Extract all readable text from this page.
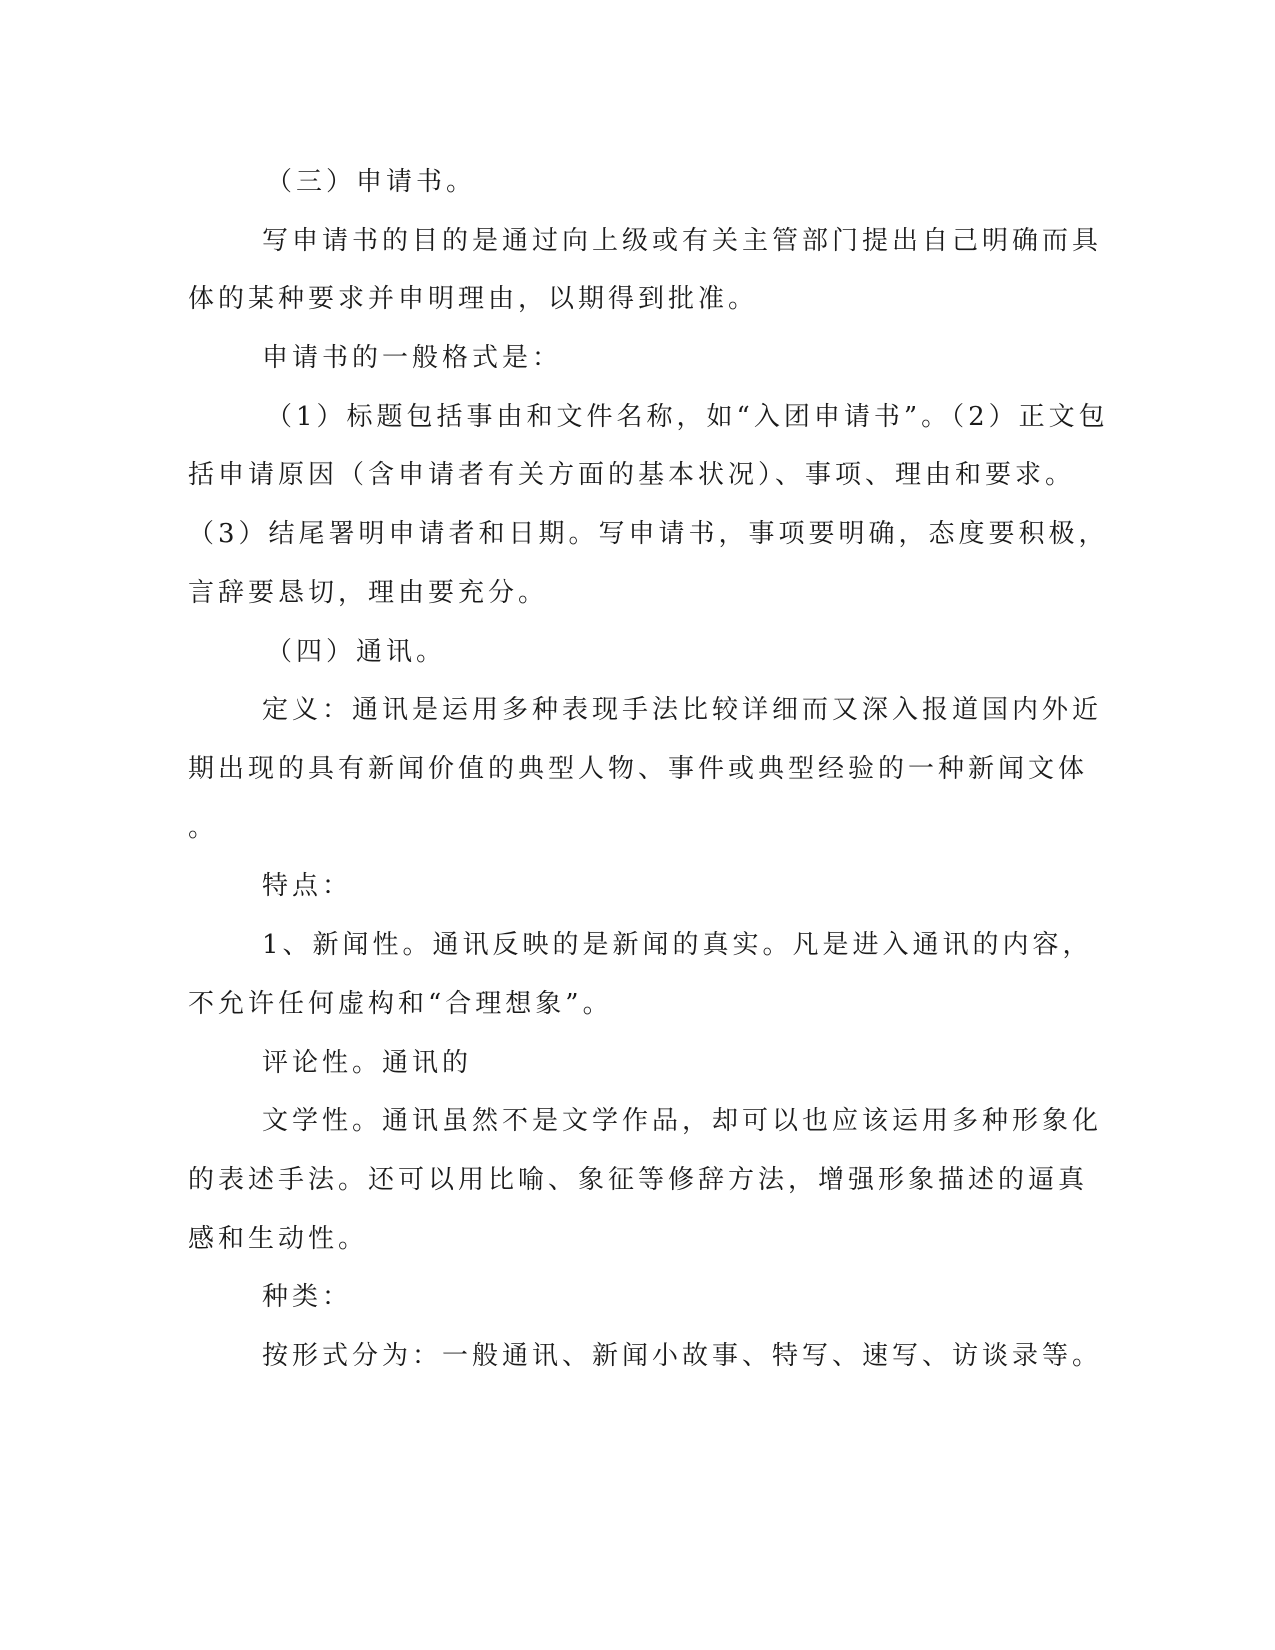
（三）申请书。
写申请书的目的是通过向上级或有关主管部门提出自己明确而具
体的某种要求并申明理由，以期得到批准。
申请书的一般格式是：
（1）标题包括事由和文件名称，如“入团申请书”。（2）正文包
括申请原因（含申请者有关方面的基本状况）、事项、理由和要求。
（3）结尾署明申请者和日期。写申请书，事项要明确，态度要积极，
言辞要恳切，理由要充分。
（四）通讯。
定义：通讯是运用多种表现手法比较详细而又深入报道国内外近
期出现的具有新闻价值的典型人物、事件或典型经验的一种新闻文体
。
特点：
1、新闻性。通讯反映的是新闻的真实。凡是进入通讯的内容，
不允许任何虚构和“合理想象”。
评论性。通讯的
文学性。通讯虽然不是文学作品，却可以也应该运用多种形象化
的表述手法。还可以用比喻、象征等修辞方法，增强形象描述的逼真
感和生动性。
种类：
按形式分为：一般通讯、新闻小故事、特写、速写、访谈录等。
